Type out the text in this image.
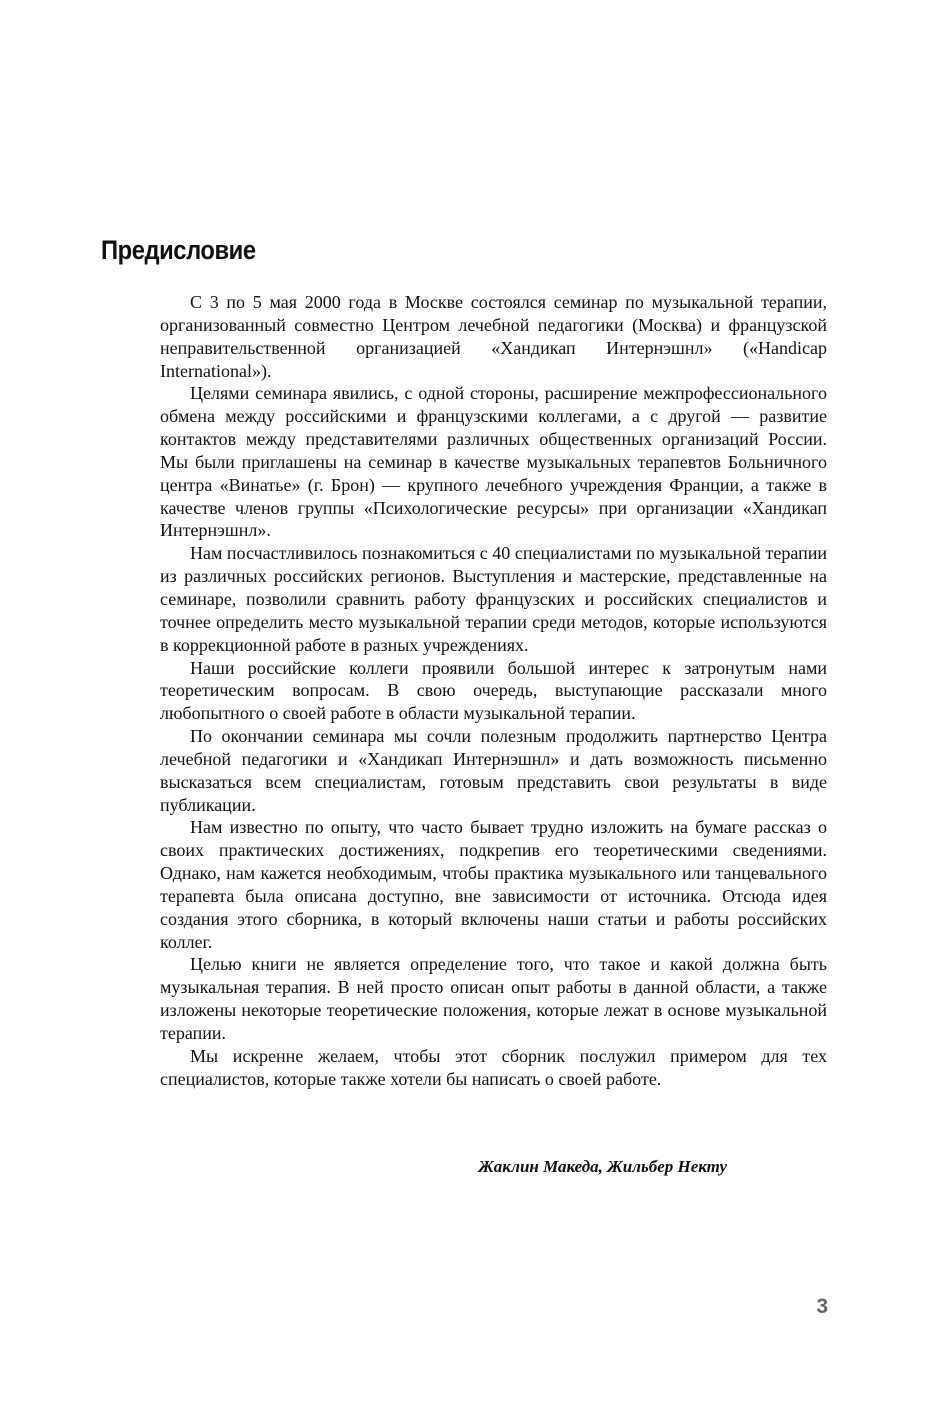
Предисловие

С 3 по 5 мая 2000 года в Москве состоялся семинар по музыкальной терапии, организованный совместно Центром лечебной педагогики (Москва) и французской неправительственной организацией «Хандикап Интернэшнл» («Handicap International»).

Целями семинара явились, с одной стороны, расширение межпрофессионального обмена между российскими и французскими коллегами, а с другой — развитие контактов между представителями различных общественных организаций России. Мы были приглашены на семинар в качестве музыкальных терапевтов Больничного центра «Винатье» (г. Брон) — крупного лечебного учреждения Франции, а также в качестве членов группы «Психологические ресурсы» при организации «Хандикап Интернэшнл».

Нам посчастливилось познакомиться с 40 специалистами по музыкальной терапии из различных российских регионов. Выступления и мастерские, представленные на семинаре, позволили сравнить работу французских и российских специалистов и точнее определить место музыкальной терапии среди методов, которые используются в коррекционной работе в разных учреждениях.

Наши российские коллеги проявили большой интерес к затронутым нами теоретическим вопросам. В свою очередь, выступающие рассказали много любопытного о своей работе в области музыкальной терапии.

По окончании семинара мы сочли полезным продолжить партнерство Центра лечебной педагогики и «Хандикап Интернэшнл» и дать возможность письменно высказаться всем специалистам, готовым представить свои результаты в виде публикации.

Нам известно по опыту, что часто бывает трудно изложить на бумаге рассказ о своих практических достижениях, подкрепив его теоретическими сведениями. Однако, нам кажется необходимым, чтобы практика музыкального или танцевального терапевта была описана доступно, вне зависимости от источника. Отсюда идея создания этого сборника, в который включены наши статьи и работы российских коллег.

Целью книги не является определение того, что такое и какой должна быть музыкальная терапия. В ней просто описан опыт работы в данной области, а также изложены некоторые теоретические положения, которые лежат в основе музыкальной терапии.

Мы искренне желаем, чтобы этот сборник послужил примером для тех специалистов, которые также хотели бы написать о своей работе.

Жаклин Македа, Жильбер Некту

3
